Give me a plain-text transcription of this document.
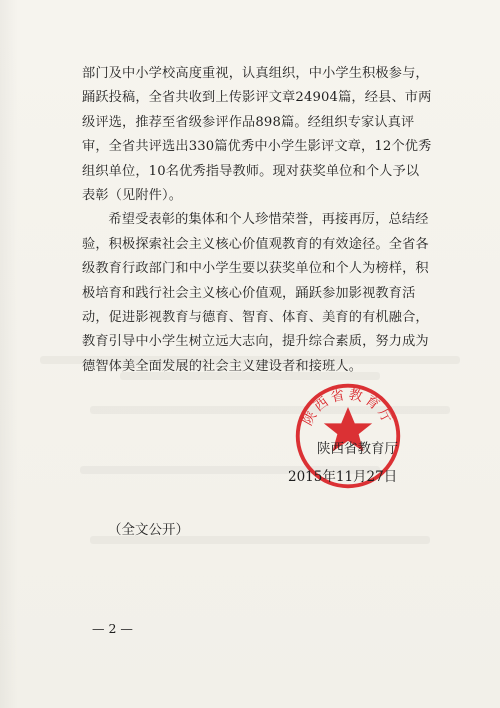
部门及中小学校高度重视，认真组织，中小学生积极参与，踊跃投稿，全省共收到上传影评文章24904篇，经县、市两级评选，推荐至省级参评作品898篇。经组织专家认真评审，全省共评选出330篇优秀中小学生影评文章，12个优秀组织单位，10名优秀指导教师。现对获奖单位和个人予以表彰（见附件）。

希望受表彰的集体和个人珍惜荣誉，再接再厉，总结经验，积极探索社会主义核心价值观教育的有效途径。全省各级教育行政部门和中小学生要以获奖单位和个人为榜样，积极培育和践行社会主义核心价值观，踊跃参加影视教育活动，促进影视教育与德育、智育、体育、美育的有机融合，教育引导中小学生树立远大志向，提升综合素质，努力成为德智体美全面发展的社会主义建设者和接班人。

陕西省教育厅
陕西省教育厅
2015年11月27日
（全文公开）
— 2 —
